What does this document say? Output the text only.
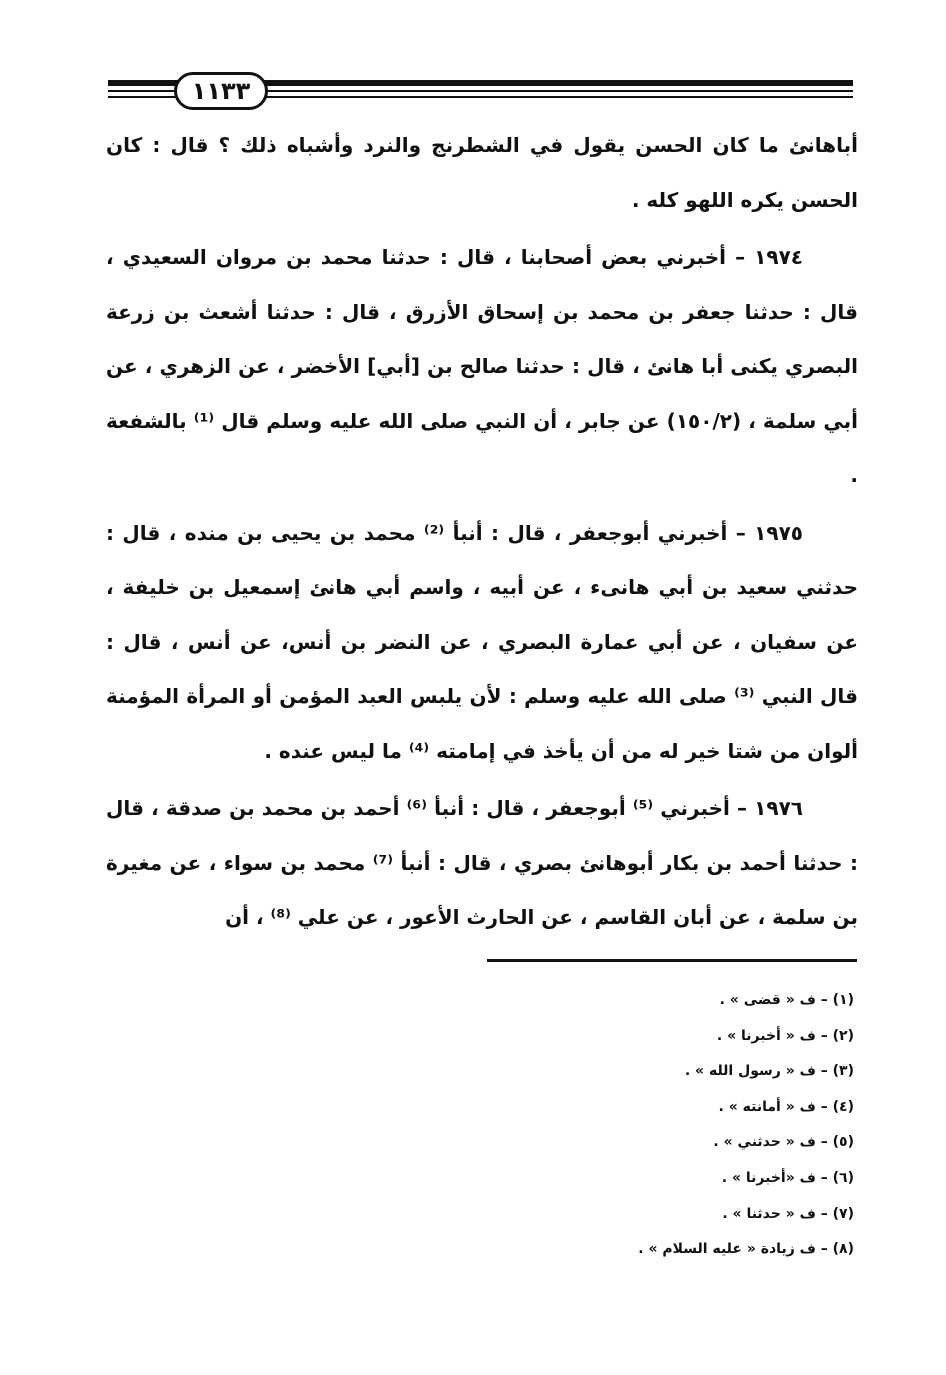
١١٣٣

أباهانئ ما كان الحسن يقول في الشطرنج والنرد وأشباه ذلك ؟ قال : كان الحسن يكره اللهو كله .

١٩٧٤ – أخبرني بعض أصحابنا ، قال : حدثنا محمد بن مروان السعيدي ، قال : حدثنا جعفر بن محمد بن إسحاق الأزرق ، قال : حدثنا أشعث بن زرعة البصري يكنى أبا هانئ ، قال : حدثنا صالح بن [أبي] الأخضر ، عن الزهري ، عن أبي سلمة ، (١٥٠/٢) عن جابر ، أن النبي صلى الله عليه وسلم قال ⁽¹⁾ بالشفعة .

١٩٧٥ – أخبرني أبوجعفر ، قال : أنبأ ⁽²⁾ محمد بن يحيى بن منده ، قال : حدثني سعيد بن أبي هانىء ، عن أبيه ، واسم أبي هانئ إسمعيل بن خليفة ، عن سفيان ، عن أبي عمارة البصري ، عن النضر بن أنس، عن أنس ، قال : قال النبي ⁽³⁾ صلى الله عليه وسلم : لأن يلبس العبد المؤمن أو المرأة المؤمنة ألوان من شتا خير له من أن يأخذ في إمامته ⁽⁴⁾ ما ليس عنده .

١٩٧٦ – أخبرني ⁽⁵⁾ أبوجعفر ، قال : أنبأ ⁽⁶⁾ أحمد بن محمد بن صدقة ، قال : حدثنا أحمد بن بكار أبوهانئ بصري ، قال : أنبأ ⁽⁷⁾ محمد بن سواء ، عن مغيرة بن سلمة ، عن أبان القاسم ، عن الحارث الأعور ، عن علي ⁽⁸⁾ ، أن

(١) – ف « قضى » .
(٢) – ف « أخبرنا » .
(٣) – ف « رسول الله » .
(٤) – ف « أمانته » .
(٥) – ف « حدثني » .
(٦) – ف «أخبرنا » .
(٧) – ف « حدثنا » .
(٨) – ف زيادة « عليه السلام » .
